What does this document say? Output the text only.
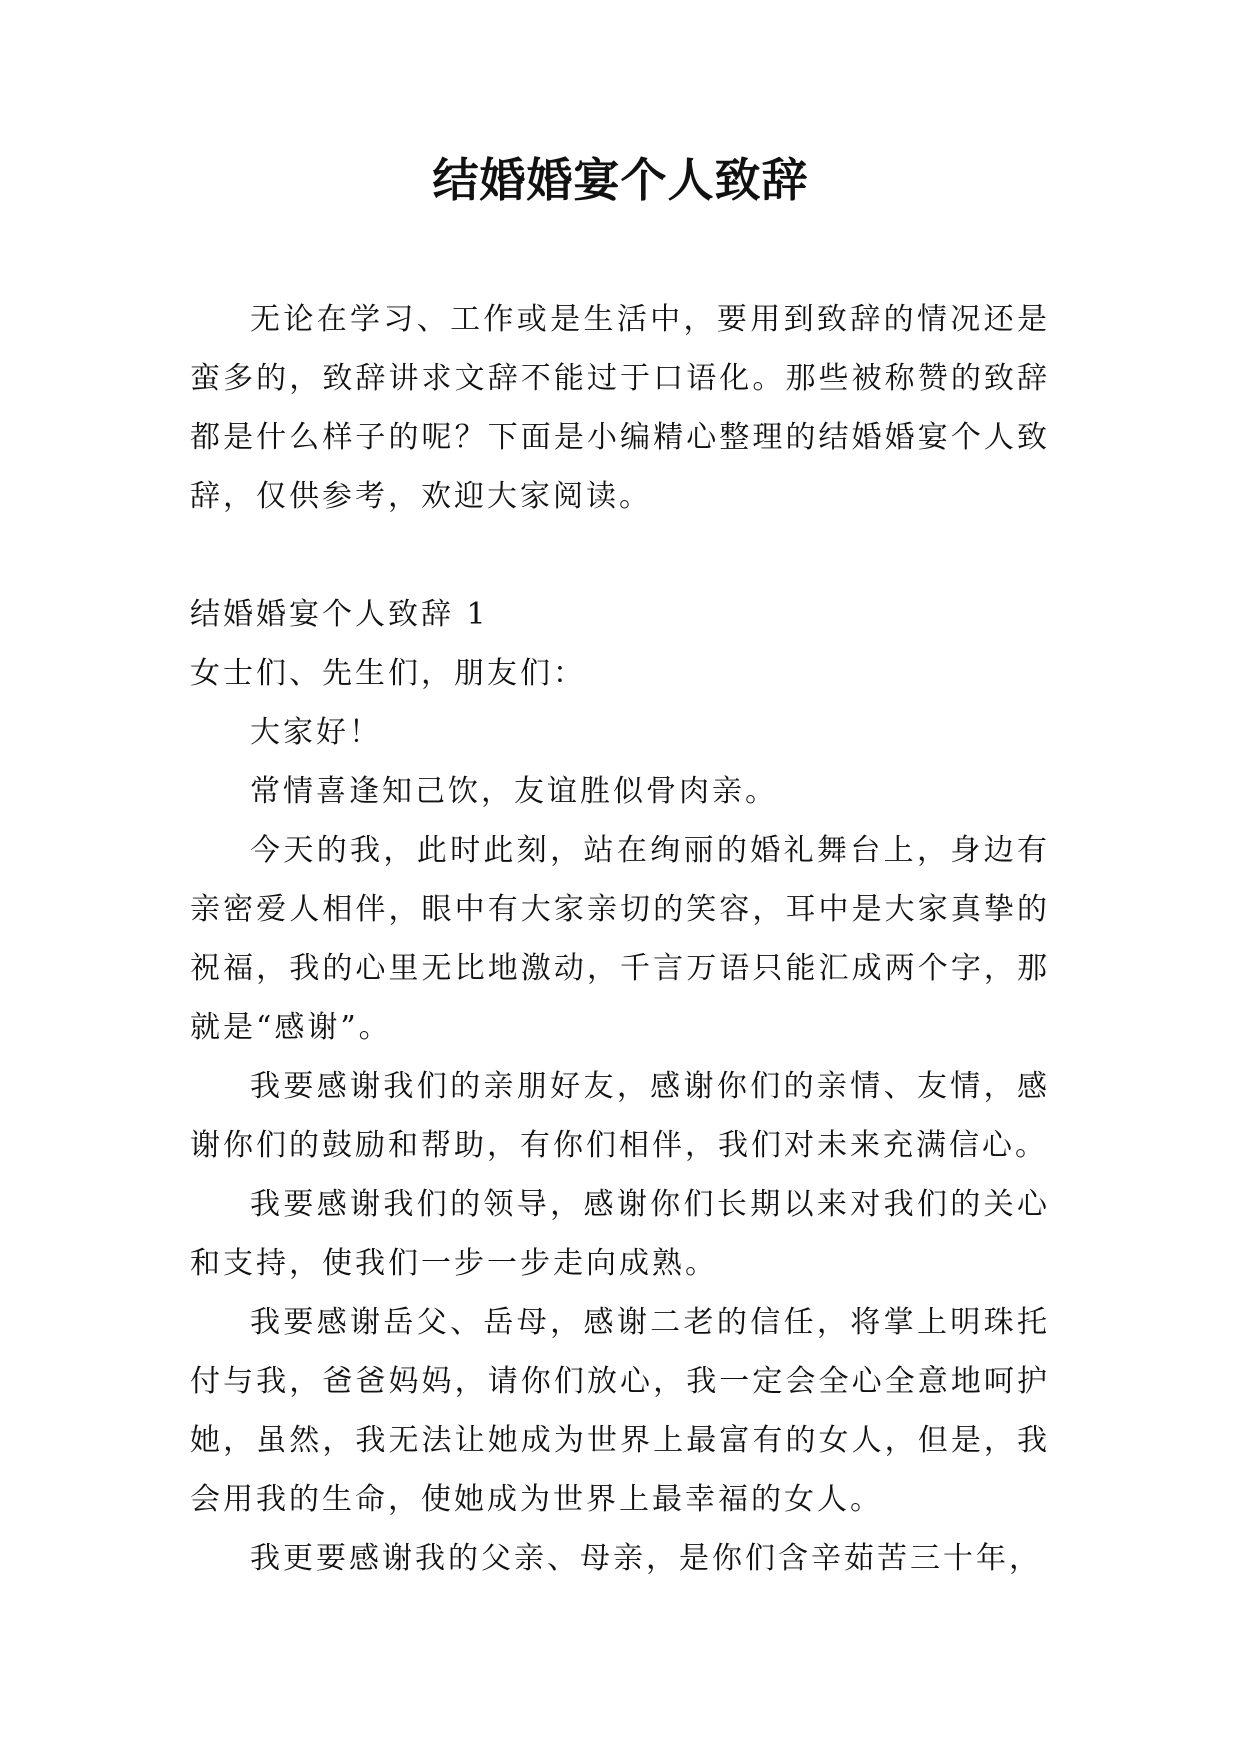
结婚婚宴个人致辞

无论在学习、工作或是生活中，要用到致辞的情况还是蛮多的，致辞讲求文辞不能过于口语化。那些被称赞的致辞都是什么样子的呢？下面是小编精心整理的结婚婚宴个人致辞，仅供参考，欢迎大家阅读。

结婚婚宴个人致辞 1

女士们、先生们，朋友们：

大家好！

常情喜逢知己饮，友谊胜似骨肉亲。

今天的我，此时此刻，站在绚丽的婚礼舞台上，身边有亲密爱人相伴，眼中有大家亲切的笑容，耳中是大家真挚的祝福，我的心里无比地激动，千言万语只能汇成两个字，那就是“感谢”。

我要感谢我们的亲朋好友，感谢你们的亲情、友情，感谢你们的鼓励和帮助，有你们相伴，我们对未来充满信心。

我要感谢我们的领导，感谢你们长期以来对我们的关心和支持，使我们一步一步走向成熟。

我要感谢岳父、岳母，感谢二老的信任，将掌上明珠托付与我，爸爸妈妈，请你们放心，我一定会全心全意地呵护她，虽然，我无法让她成为世界上最富有的女人，但是，我会用我的生命，使她成为世界上最幸福的女人。

我更要感谢我的父亲、母亲，是你们含辛茹苦三十年，
